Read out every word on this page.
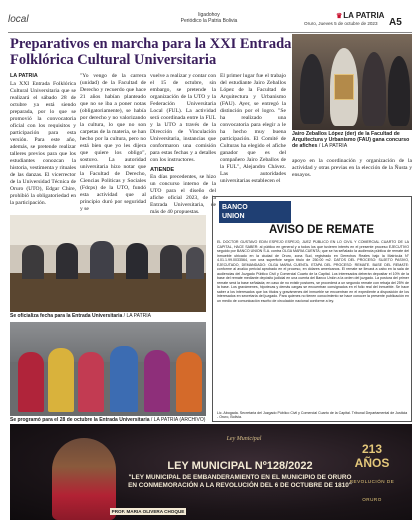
local	ligadohoy
Periódico la Patria Bolivia
♛LA PATRIA
Oruro, Jueves 5 de octubre de 2023 A5
Preparativos en marcha para la XXI Entrada Folklórica Cultural Universitaria
Jairo Zeballos López (der) de la Facultad de Arquitectura y Urbanismo (FAU) gana concurso de afiches / LA PATRIA
LA PATRIA
La XXI Entrada Folklórica Cultural Universitaria que se realizará el sábado 28 de octubre ya está siendo preparada, por lo que se promovió la convocatoria oficial con los requisitos y participación para esta versión. Para este año, además, se pretende realizar talleres previos para que los estudiantes conozcan la historia, vestimenta y rituales de las danzas. El vicerrector de la Universidad Técnica de Oruro (UTO), Edgar Chire, prohibió la obligatoriedad en la participación.
"Yo vengo de la carrera (unidad) de la Facultad de Derecho y recuerdo que hace 21 años habían planteado que no se iba a poner notas (obligatoriamente), se había por derecho y no valorizando la cultura, lo que no son carpetas de la materia, se han hecho por la cultura, pero no está bien que yo les dijera que quiere los obligo", sostuvo. La autoridad universitaria hizo notar que la Facultad de Derecho, Ciencias Políticas y Sociales (Fdcps) de la UTO, fundó esta actividad que al principio duró por seguridad y se
vuelve a realizar y contar con el 15 de octubre, sin embargo, se pretende la organización de la UTO y la Federación Universitaria Local (FUL). La actividad será coordinada entre la FUL y la UTO a través de la Dirección de Vinculación Universitaria, instancias que conformaron una comisión para estas fechas y a detalles con los instructores.
ATIENDE
En días precedentes, se hizo un concurso interno de la UTO para el diseño del afiche oficial 2023, de la Entrada Universitaria, de más de 40 propuestas.
El primer lugar fue el trabajo del estudiante Jairo Zeballos López de la Facultad de Arquitectura y Urbanismo (FAU). Ayer, se entregó la distinción por el logro. "Se ha realizado una convocatoria para elegir a le ha hecho muy buena participación. El Comité de Culturas ha elegido el afiche ganador que es del compañero Jairo Zeballos de la FUL", Alejandro Chávez. Las autoridades universitarias establecen el
apoyo en la coordinación y organización de la actividad y otras previas en la elección de la Ñusta y ensayos.
Se oficializa fecha para la Entrada Universitaria / LA PATRIA
Se programó para el 28 de octubre la Entrada Universitaria / LA PATRIA (ARCHIVO)
BANCO
UNION
AVISO DE REMATE
EL DOCTOR GUSTAVO EDIN ESPEJO ESPEJO, JUEZ PÚBLICO EN LO CIVIL Y COMERCIAL CUARTO DE LA CAPITAL, HACE SABER: al público en general y a todos los que tuvieren interés en el presente proceso EJECUTIVO seguido por BANCO UNION S.A. contra OLGA MARIA CUENTA; que se ha señalado la audiencia pública de remate del inmueble ubicado en la ciudad de Oruro, zona Sud, registrado en Derechos Reales bajo la Matrícula N° 4.01.1.99.0033564, con una superficie según título de 250.00 m2. DATOS DEL PROCESO: SUJETO PASIVO, EJECUTADO, DEMANDADO: OLGA MARIA CUENTA. ETAPA DEL PROCESO: REMATE. BASE DEL REMATE: conforme al avalúo pericial aprobado en el proceso, en dólares americanos. El remate se llevará a cabo en la sala de audiencias del Juzgado Público Civil y Comercial Cuarto de la Capital. Los interesados deberán depositar el 10% de la base del remate mediante depósito judicial en una cuenta del Banco Unión a la orden del juzgado. La postura del primer remate será la base señalada; en caso de no existir postores, se procederá a un segundo remate con rebaja del 25% de la base. Los gravámenes, hipotecas y demás cargas se encuentran consignados en el folio real del inmueble. Se hace saber a los interesados que los títulos y gravámenes del inmueble se encuentran en el expediente a disposición de los interesados en secretaría del juzgado. Para quienes no tienen conocimiento se hace conocer la presente publicación en un medio de comunicación escrito de circulación nacional conforme a ley.
Lic. Abogada. Secretaria del Juzgado Público Civil y Comercial Cuarto de la Capital. Tribunal Departamental de Justicia - Oruro, Bolivia.
Ley Municipal
LEY MUNICIPAL Nº128/2022
"LEY MUNICIPAL DE EMBANDERAMIENTO EN EL MUNICIPIO DE ORURO EN CONMEMORACIÓN A LA REVOLUCIÓN DEL 6 DE OCTUBRE DE 1810"
PROF. MARIA OLIVERA CHOQUE
213 AÑOS
REVOLUCIÓN DE ORURO
